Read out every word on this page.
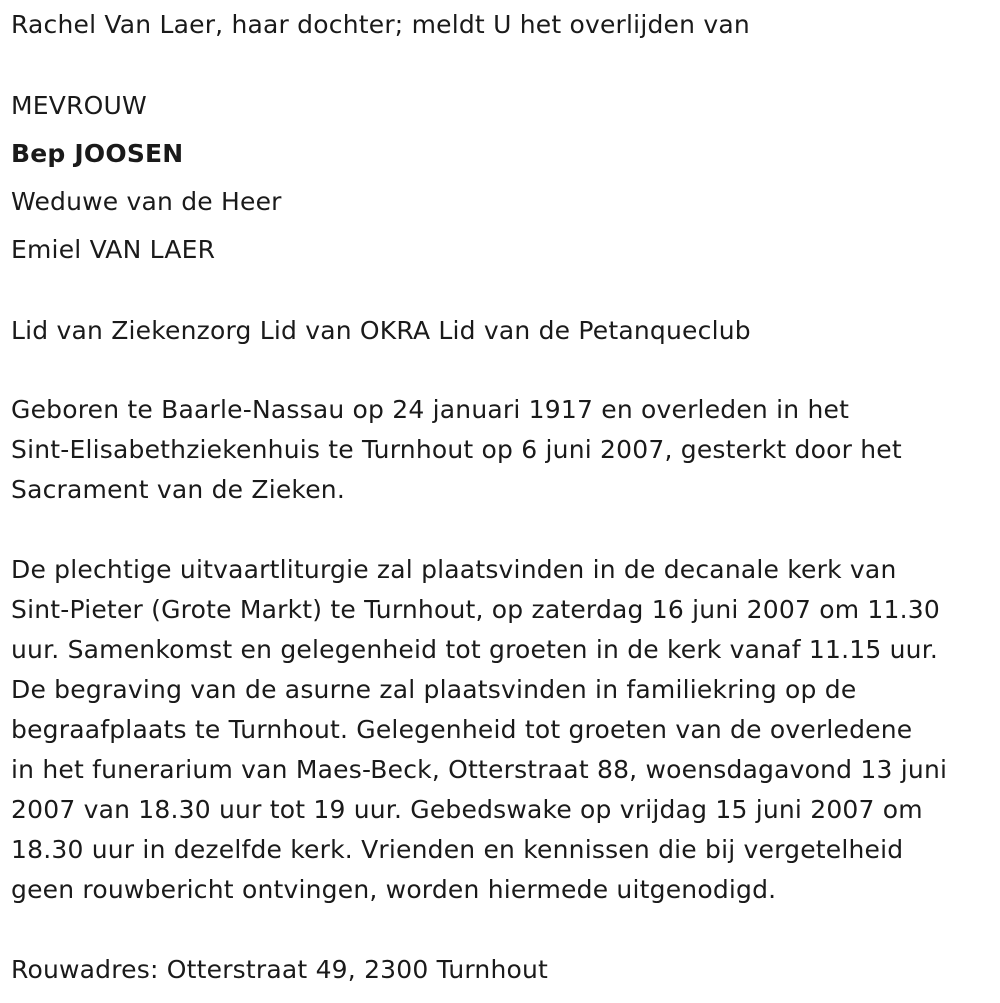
Rachel Van Laer, haar dochter; meldt U het overlijden van
MEVROUW
Bep JOOSEN
Weduwe van de Heer
Emiel VAN LAER
Lid van Ziekenzorg Lid van OKRA Lid van de Petanqueclub
Geboren te Baarle-Nassau op 24 januari 1917 en overleden in het
Sint-Elisabethziekenhuis te Turnhout op 6 juni 2007, gesterkt door het
Sacrament van de Zieken.
De plechtige uitvaartliturgie zal plaatsvinden in de decanale kerk van
Sint-Pieter (Grote Markt) te Turnhout, op zaterdag 16 juni 2007 om 11.30
uur. Samenkomst en gelegenheid tot groeten in de kerk vanaf 11.15 uur.
De begraving van de asurne zal plaatsvinden in familiekring op de
begraafplaats te Turnhout. Gelegenheid tot groeten van de overledene
in het funerarium van Maes-Beck, Otterstraat 88, woensdagavond 13 juni
2007 van 18.30 uur tot 19 uur. Gebedswake op vrijdag 15 juni 2007 om
18.30 uur in dezelfde kerk. Vrienden en kennissen die bij vergetelheid
geen rouwbericht ontvingen, worden hiermede uitgenodigd.
Rouwadres: Otterstraat 49, 2300 Turnhout
